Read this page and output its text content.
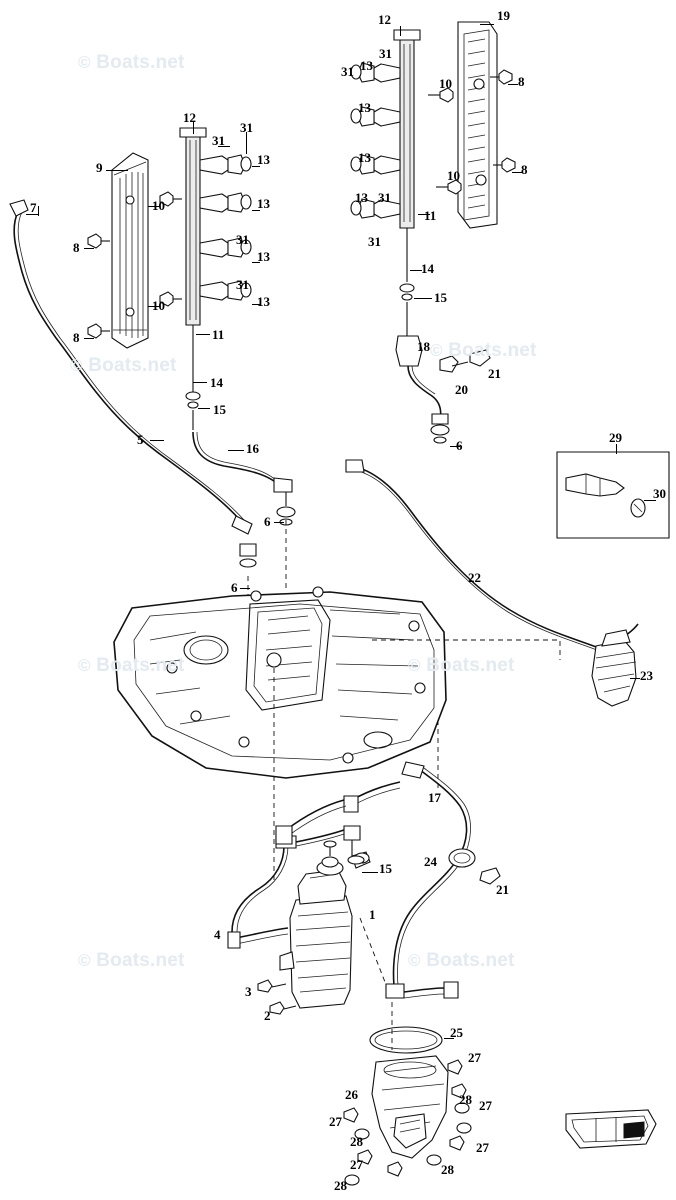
© Boats.net
© Boats.net
© Boats.net
© Boats.net	© Boats.net
© Boats.net	© Boats.net
7
9
12
31
31
13
10	13
8
31
13
31
13
10
8	11
14
15
5
16
6
6
12	19
31 13
31
10	8
13
13
10	8
13 31
11
31
14
15
18
20
21
6
29
30
22
23
17
15 24
21
1
4
3
2
25
26
27
28 27
27
27
28
27
28
28
